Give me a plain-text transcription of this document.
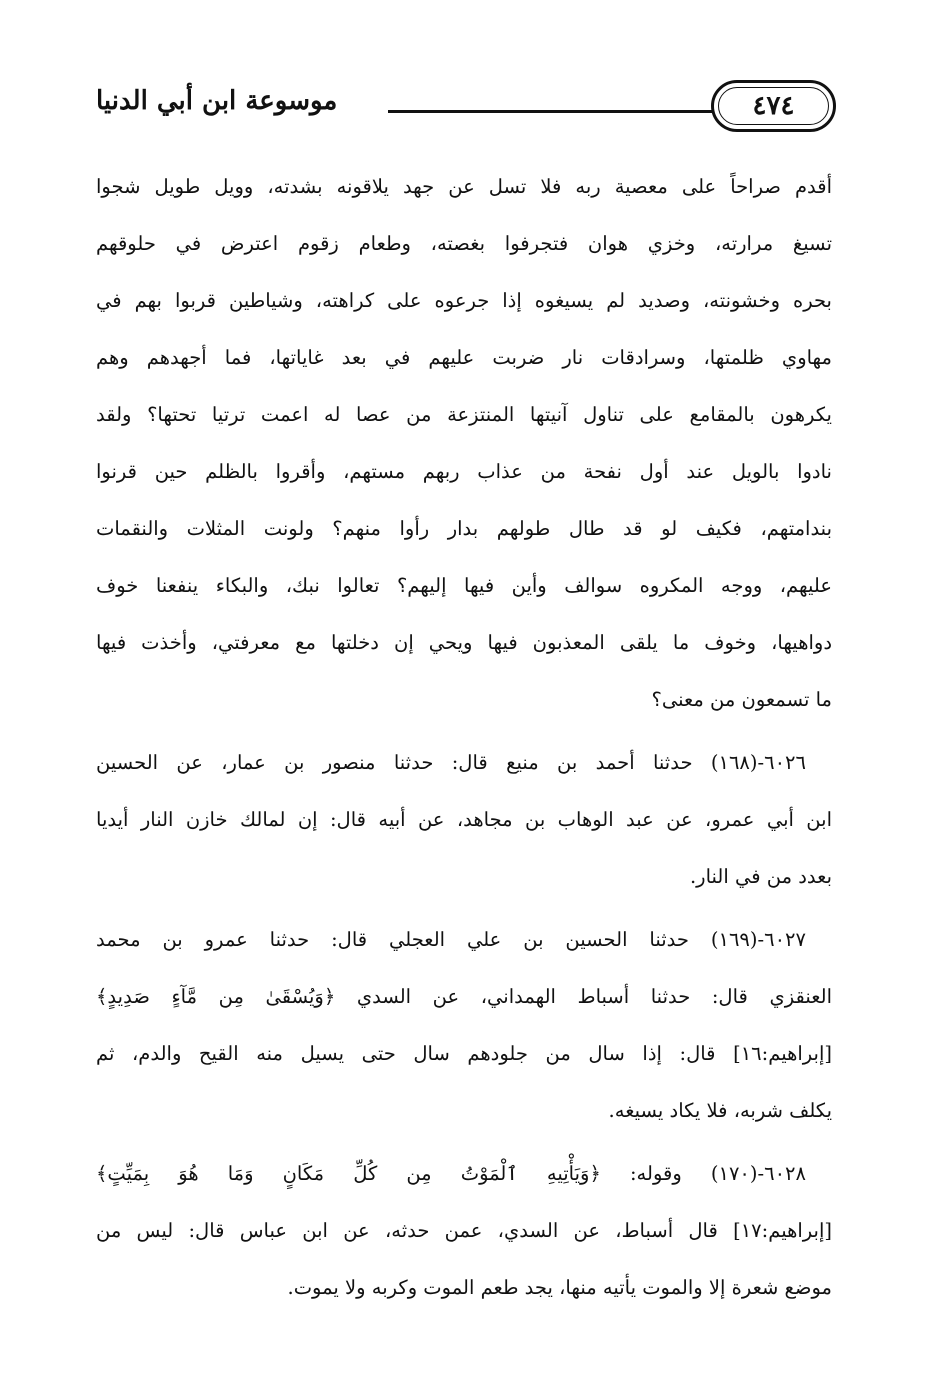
٤٧٤
موسوعة ابن أبي الدنيا
أقدم صراحاً على معصية ربه فلا تسل عن جهد يلاقونه بشدته، وويل طويل شجوا
تسيغ مرارته، وخزي هوان فتجرفوا بغصته، وطعام زقوم اعترض في حلوقهم
بحره وخشونته، وصديد لم يسيغوه إذا جرعوه على كراهته، وشياطين قربوا بهم في
مهاوي ظلمتها، وسرادقات نار ضربت عليهم في بعد غاياتها، فما أجهدهم وهم
يكرهون بالمقامع على تناول آنيتها المنتزعة من عصا له اعمت ترتيا تحتها؟ ولقد
نادوا بالويل عند أول نفحة من عذاب ربهم مستهم، وأقروا بالظلم حين قرنوا
بندامتهم، فكيف لو قد طال طولهم بدار رأوا منهم؟ ولونت المثلات والنقمات
عليهم، ووجه المكروه سوالف وأين فيها إليهم؟ تعالوا نبك، والبكاء ينفعنا خوف
دواهيها، وخوف ما يلقى المعذبون فيها ويحي إن دخلتها مع معرفتي، وأخذت فيها
ما تسمعون من معنى؟
٦٠٢٦-(١٦٨) حدثنا أحمد بن منيع قال: حدثنا منصور بن عمار، عن الحسين
ابن أبي عمرو، عن عبد الوهاب بن مجاهد، عن أبيه قال: إن لمالك خازن النار أيديا
بعدد من في النار.
٦٠٢٧-(١٦٩) حدثنا الحسين بن علي العجلي قال: حدثنا عمرو بن محمد
العنقزي قال: حدثنا أسباط الهمداني، عن السدي ﴿وَيُسْقَىٰ مِن مَّآءٍ صَدِيدٍ﴾
[إبراهيم:١٦] قال: إذا سال من جلودهم سال حتى يسيل منه القيح والدم، ثم
يكلف شربه، فلا يكاد يسيغه.
٦٠٢٨-(١٧٠) وقوله: ﴿وَيَأْتِيهِ ٱلْمَوْتُ مِن كُلِّ مَكَانٍ وَمَا هُوَ بِمَيِّتٍ﴾
[إبراهيم:١٧] قال أسباط، عن السدي، عمن حدثه، عن ابن عباس قال: ليس من
موضع شعرة إلا والموت يأتيه منها، يجد طعم الموت وكربه ولا يموت.
